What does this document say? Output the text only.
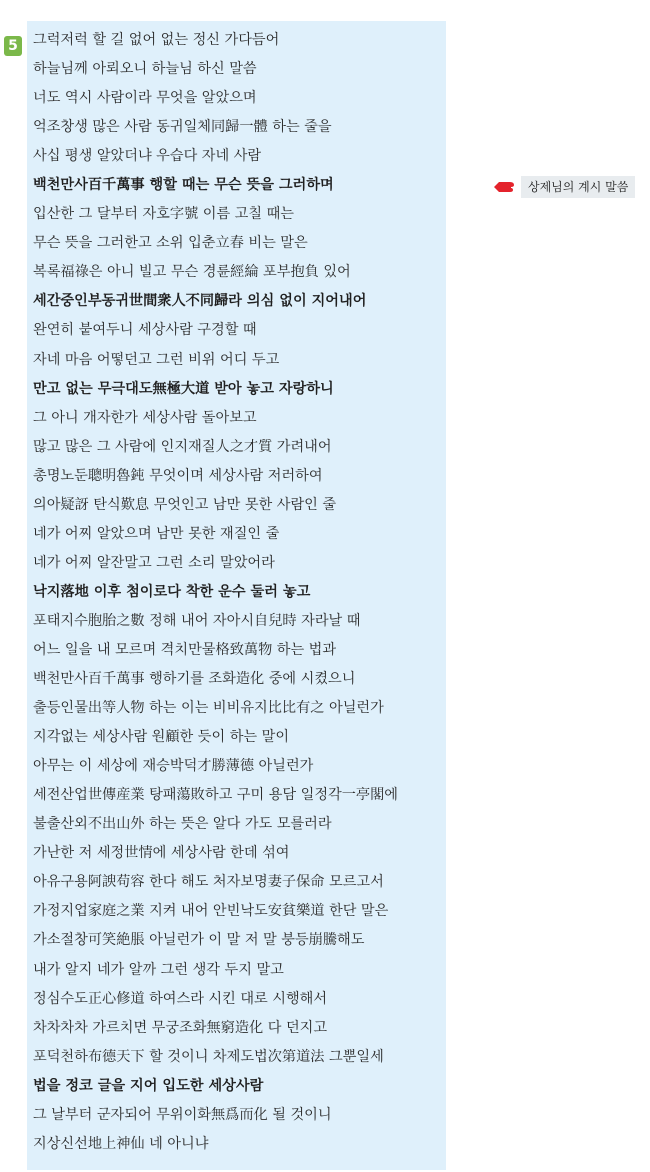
5 그럭저럭 할 길 없어 없는 정신 가다듬어
하늘님께 아뢰오니 하늘님 하신 말씀
너도 역시 사람이라 무엇을 알았으며
억조창생 많은 사람 동귀일체同歸一體 하는 줄을
사십 평생 알았더냐 우습다 자네 사람
백천만사百千萬事 행할 때는 무슨 뜻을 그러하며
입산한 그 달부터 자호字號 이름 고칠 때는
무슨 뜻을 그러한고 소위 입춘立春 비는 말은
복록福祿은 아니 빌고 무슨 경륜經綸 포부抱負 있어
세간중인부동귀世間衆人不同歸라 의심 없이 지어내어
완연히 붙여두니 세상사람 구경할 때
자네 마음 어떻던고 그런 비위 어디 두고
만고 없는 무극대도無極大道 받아 놓고 자랑하니
그 아니 개자한가 세상사람 돌아보고
많고 많은 그 사람에 인지재질人之才質 가려내어
총명노둔聰明魯鈍 무엇이며 세상사람 저러하여
의아疑訝 탄식歎息 무엇인고 남만 못한 사람인 줄
네가 어찌 알았으며 남만 못한 재질인 줄
네가 어찌 알잔말고 그런 소리 말았어라
낙지落地 이후 첨이로다 착한 운수 둘러 놓고
포태지수胞胎之數 정해 내어 자아시自兒時 자라날 때
어느 일을 내 모르며 격치만물格致萬物 하는 법과
백천만사百千萬事 행하기를 조화造化 중에 시켰으니
출등인물出等人物 하는 이는 비비유지比比有之 아닐런가
지각없는 세상사람 원顧한 듯이 하는 말이
아무는 이 세상에 재승박덕才勝薄德 아닐런가
세전산업世傳産業 탕패蕩敗하고 구미 용담 일정각一亭閣에
불출산외不出山外 하는 뜻은 알다 가도 모를러라
가난한 저 세정世情에 세상사람 한데 섞여
아유구용阿諛苟容 한다 해도 처자보명妻子保命 모르고서
가정지업家庭之業 지켜 내어 안빈낙도安貧樂道 한단 말은
가소절창可笑絶脹 아닐런가 이 말 저 말 붕등崩騰해도
내가 알지 네가 알까 그런 생각 두지 말고
정심수도正心修道 하여스라 시킨 대로 시행해서
차차차차 가르치면 무궁조화無窮造化 다 던지고
포덕천하布德天下 할 것이니 차제도법次第道法 그뿐일세
법을 정코 글을 지어 입도한 세상사람
그 날부터 군자되어 무위이화無爲而化 될 것이니
지상신선地上神仙 네 아니냐
상제님의 계시 말씀
